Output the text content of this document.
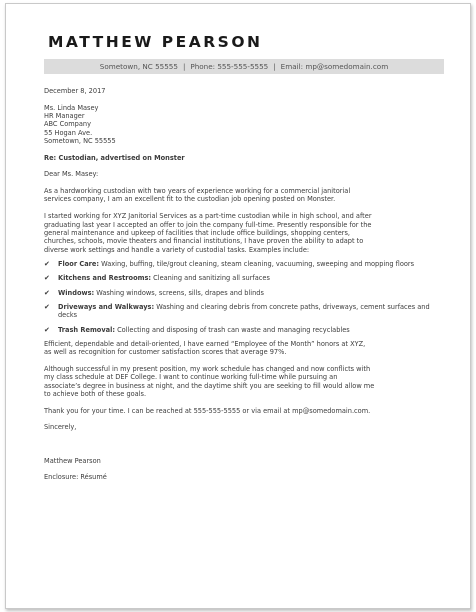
MATTHEW PEARSON
Sometown, NC 55555 | Phone: 555-555-5555 | Email: mp@somedomain.com
December 8, 2017
Ms. Linda Masey
HR Manager
ABC Company
55 Hogan Ave.
Sometown, NC 55555
Re: Custodian, advertised on Monster
Dear Ms. Masey:
As a hardworking custodian with two years of experience working for a commercial janitorial
services company, I am an excellent fit to the custodian job opening posted on Monster.
I started working for XYZ Janitorial Services as a part-time custodian while in high school, and after
graduating last year I accepted an offer to join the company full-time. Presently responsible for the
general maintenance and upkeep of facilities that include office buildings, shopping centers,
churches, schools, movie theaters and financial institutions, I have proven the ability to adapt to
diverse work settings and handle a variety of custodial tasks. Examples include:
✔ Floor Care: Waxing, buffing, tile/grout cleaning, steam cleaning, vacuuming, sweeping and mopping floors
✔ Kitchens and Restrooms: Cleaning and sanitizing all surfaces
✔ Windows: Washing windows, screens, sills, drapes and blinds
✔ Driveways and Walkways: Washing and clearing debris from concrete paths, driveways, cement surfaces and decks
✔ Trash Removal: Collecting and disposing of trash can waste and managing recyclables
Efficient, dependable and detail-oriented, I have earned “Employee of the Month” honors at XYZ,
as well as recognition for customer satisfaction scores that average 97%.
Although successful in my present position, my work schedule has changed and now conflicts with
my class schedule at DEF College. I want to continue working full-time while pursuing an
associate’s degree in business at night, and the daytime shift you are seeking to fill would allow me
to achieve both of these goals.
Thank you for your time. I can be reached at 555-555-5555 or via email at mp@somedomain.com.
Sincerely,
Matthew Pearson
Enclosure: Résumé
